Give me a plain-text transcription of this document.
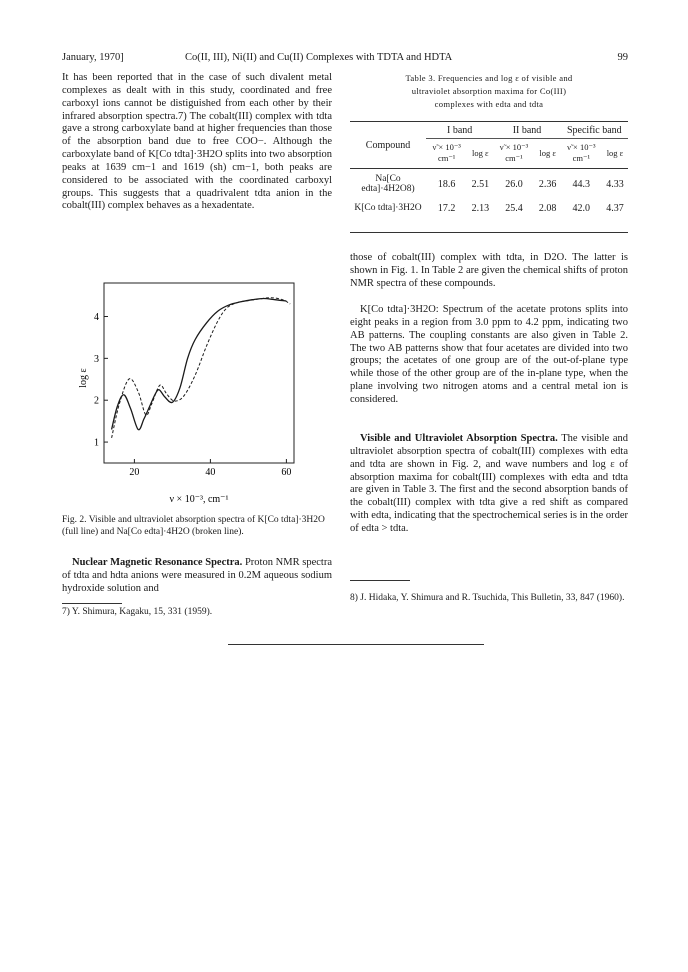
January, 1970]	Co(II, III), Ni(II) and Cu(II) Complexes with TDTA and HDTA	99

It has been reported that in the case of such divalent metal complexes as dealt with in this study, coordinated and free carboxyl ions cannot be distiguished from each other by their infrared absorption spectra.7) The cobalt(III) complex with tdta gave a strong carboxylate band at higher frequencies than those of the absorption band due to free COO−. Although the carboxylate band of K[Co tdta]·3H2O splits into two absorption peaks at 1639 cm−1 and 1619 (sh) cm−1, both peaks are considered to be associated with the coordinated carboxyl groups. This suggests that a quadrivalent tdta anion in the cobalt(III) complex behaves as a hexadentate.

1
2
3
4
20	40	60
log ε
ν × 10⁻³, cm⁻¹

Fig. 2. Visible and ultraviolet absorption spectra of K[Co tdta]·3H2O (full line) and Na[Co edta]·4H2O (broken line).

Nuclear Magnetic Resonance Spectra. Proton NMR spectra of tdta and hdta anions were measured in 0.2M aqueous sodium hydroxide solution and

7) Y. Shimura, Kagaku, 15, 331 (1959).

Table 3. Frequencies and log ε of visible and
ultraviolet absorption maxima for Co(III)
complexes with edta and tdta
Compound	I band		II band		Specific band	
	ν̃ × 10⁻³ cm⁻¹	log ε	ν̃ × 10⁻³ cm⁻¹	log ε	ν̃ × 10⁻³ cm⁻¹	log ε

Na[Co edta]·4H2O8)	18.6	2.51	26.0	2.36	44.3	4.33
K[Co tdta]·3H2O	17.2	2.13	25.4	2.08	42.0	4.37

those of cobalt(III) complex with tdta, in D2O. The latter is shown in Fig. 1. In Table 2 are given the chemical shifts of proton NMR spectra of these compounds.

K[Co tdta]·3H2O: Spectrum of the acetate protons splits into eight peaks in a region from 3.0 ppm to 4.2 ppm, indicating two AB patterns. The coupling constants are also given in Table 2. The two AB patterns show that four acetates are divided into two groups; the acetates of one group are of the out-of-plane type while those of the other group are of the in-plane type, when the plane involving two nitrogen atoms and a central metal ion is considered.

Visible and Ultraviolet Absorption Spectra. The visible and ultraviolet absorption spectra of cobalt(III) complexes with edta and tdta are shown in Fig. 2, and wave numbers and log ε of absorption maxima for cobalt(III) complexes with edta and tdta are given in Table 3. The first and the second absorption bands of the cobalt(III) complex with tdta give a red shift as compared with edta, indicating that the spectrochemical series is in the order of edta > tdta.

8) J. Hidaka, Y. Shimura and R. Tsuchida, This Bulletin, 33, 847 (1960).
